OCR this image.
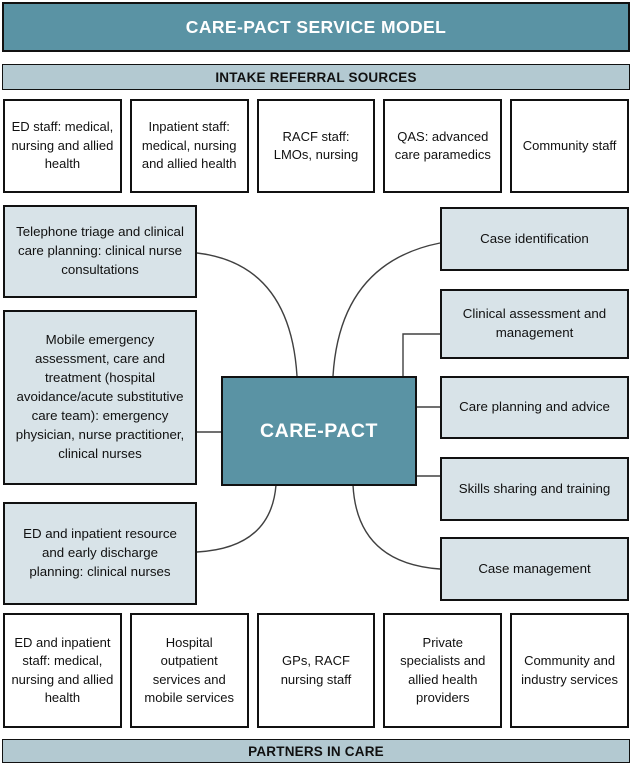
CARE-PACT SERVICE MODEL
INTAKE REFERRAL SOURCES
ED staff: medical, nursing and allied health
Inpatient staff: medical, nursing and allied health
RACF staff: LMOs, nursing
QAS: advanced care paramedics
Community staff
Telephone triage and clinical care planning: clinical nurse consultations
Mobile emergency assessment, care and treatment (hospital avoidance/acute substitutive care team): emergency physician, nurse practitioner, clinical nurses
ED and inpatient resource and early discharge planning: clinical nurses
CARE-PACT
Case identification
Clinical assessment and management
Care planning and advice
Skills sharing and training
Case management
ED and inpatient staff: medical, nursing and allied health
Hospital outpatient services and mobile services
GPs, RACF nursing staff
Private specialists and allied health providers
Community and industry services
PARTNERS IN CARE
